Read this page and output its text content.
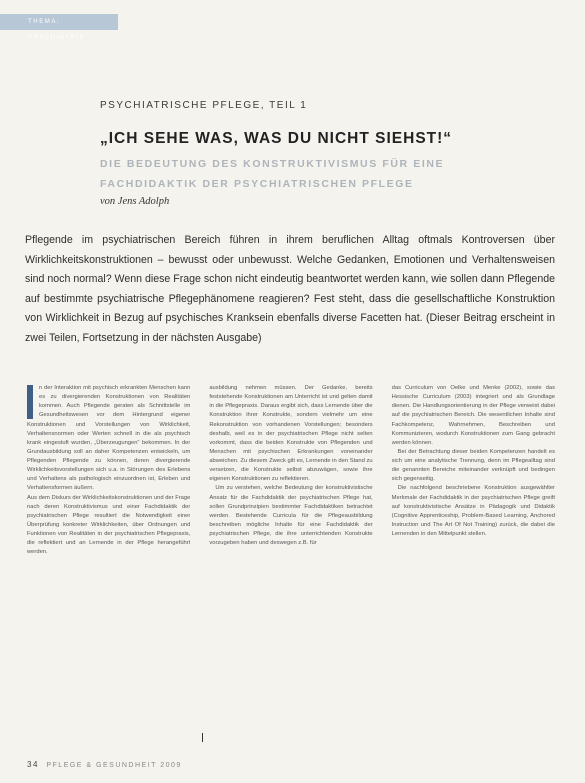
THEMA: PSYCHIATRIE
PSYCHIATRISCHE PFLEGE, TEIL 1
„ICH SEHE WAS, WAS DU NICHT SIEHST!“
DIE BEDEUTUNG DES KONSTRUKTIVISMUS FÜR EINE FACHDIDAKTIK DER PSYCHIATRISCHEN PFLEGE
von Jens Adolph
Pflegende im psychiatrischen Bereich führen in ihrem beruflichen Alltag oftmals Kontroversen über Wirklichkeitskonstruktionen – bewusst oder unbewusst. Welche Gedanken, Emotionen und Verhaltensweisen sind noch normal? Wenn diese Frage schon nicht eindeutig beantwortet werden kann, wie sollen dann Pflegende auf bestimmte psychiatrische Pflegephänomene reagieren? Fest steht, dass die gesellschaftliche Konstruktion von Wirklichkeit in Bezug auf psychisches Kranksein ebenfalls diverse Facetten hat. (Dieser Beitrag erscheint in zwei Teilen, Fortsetzung in der nächsten Ausgabe)

n der Interaktion mit psychisch erkrankten Menschen kann es zu divergierenden Konstruktionen von Realitäten kommen. Auch Pflegende geraten als Schnittstelle im Gesundheitswesen vor dem Hintergrund eigener Konstruktionen und Vorstellungen von Wirklichkeit, Verhaltensnormen oder Werten schnell in die als psychisch krank eingestuft wurden, „Überzeugungen“ bekommen. In der Grundausbildung soll an daher Kompetenzen entwickeln, um Pflegenden Pflegende zu können, deren divergierende Wirklichkeitsvorstellungen sich u.a. in Störungen des Erlebens und Verhaltens als pathologisch einzuordnen ist, Erleben und Verhaltensformen äußern.

Aus dem Diskurs der Wirklichkeitskonstruktionen und der Frage nach deren Konstruktivismus und einer Fachdidaktik der psychiatrischen Pflege resultiert die Notwendigkeit einer Überprüfung konkreter Wirklichkeiten, über Ordnungen und Funktionen von Realitäten in der psychiatrischen Pflegepraxis, die reflektiert und an Lernende in der Pflege herangeführt werden.

ausbildung nehmen müssen. Der Gedanke, bereits feststehende Konstruktionen am Unterricht ist und gelten damit in die Pflegepraxis. Daraus ergibt sich, dass Lernende über die Konstruktion ihrer Konstrukte, sondern vielmehr um eine Rekonstruktion von vorhandenen Vorstellungen; besonders deshalb, weil es in der psychiatrischen Pflege nicht selten vorkommt, dass die beiden Konstrukte von Pflegenden und Menschen mit psychischen Erkrankungen voneinander abweichen. Zu diesem Zweck gilt es, Lernende in den Stand zu versetzen, die Konstrukte selbst abzuwägen, sowie ihre eigenen Konstruktionen zu reflektieren.

Um zu verstehen, welche Bedeutung der konstruktivistische Ansatz für die Fachdidaktik der psychiatrischen Pflege hat, sollen Grundprinzipien bestimmter Fachdidaktiken betrachtet werden. Bestehende Curricula für die Pflegeausbildung beschreiben mögliche Inhalte für eine Fachdidaktik der psychiatrischen Pflege, die ihre unterrichtenden Konstrukte vorzugeben haben und deswegen z.B. für

das Curriculum von Oelke und Menke (2002), sowie das Hessische Curriculum (2003) integriert und als Grundlage dienen. Die Handlungsorientierung in der Pflege verweist dabei auf die psychiatrischen Bereich. Die wesentlichen Inhalte sind Fachkompetenz, Wahrnehmen, Beschreiben und Kommunizieren, wodurch Konstruktionen zum Gang gebracht werden können.

Bei der Betrachtung dieser beiden Kompetenzen handelt es sich um eine analytische Trennung, denn im Pflegealltag sind die genannten Bereiche miteinander verknüpft und bedingen sich gegenseitig.

Die nachfolgend beschriebene Konstruktion ausgewählter Merkmale der Fachdidaktik in der psychiatrischen Pflege greift auf konstruktivistische Ansätze in Pädagogik und Didaktik (Cognitive Apprenticeship, Problem-Based Learning, Anchored Instruction und The Art Of Not Training) zurück, die dabei die Lernenden in den Mittelpunkt stellen.

34 PFLEGE & GESUNDHEIT 2009
